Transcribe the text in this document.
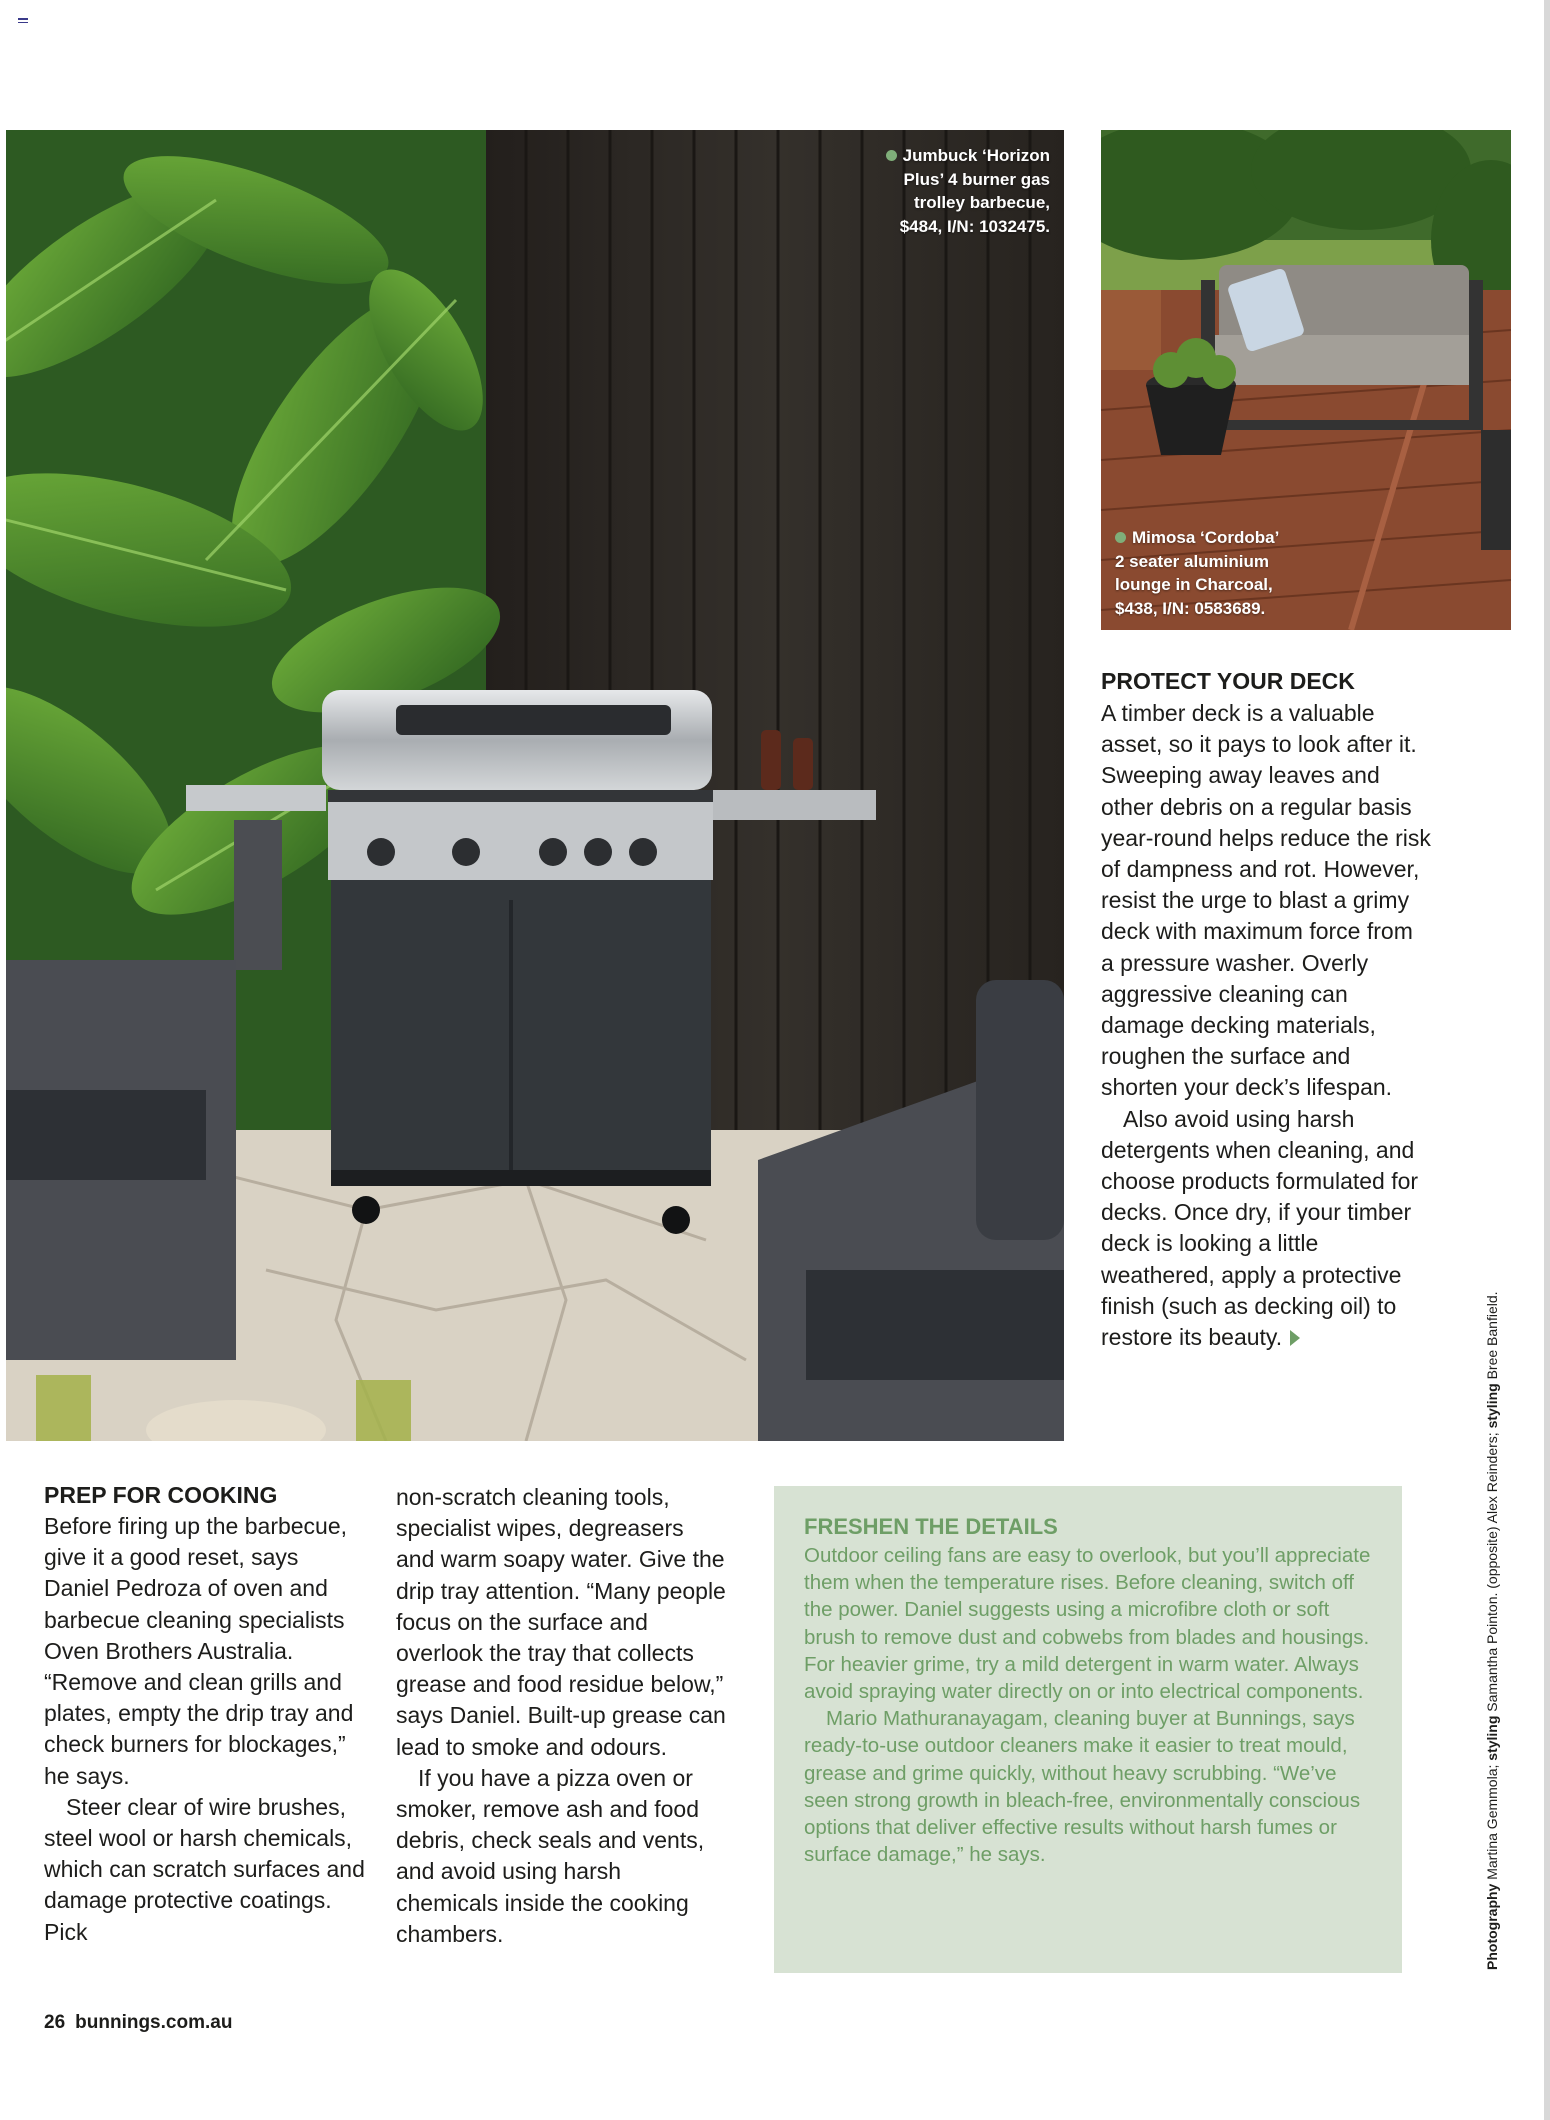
Jumbuck ‘Horizon
Plus’ 4 burner gas
trolley barbecue,
$484, I/N: 1032475.
Mimosa ‘Cordoba’
2 seater aluminium
lounge in Charcoal,
$438, I/N: 0583689.
PROTECT YOUR DECK

A timber deck is a valuable asset, so it pays to look after it. Sweeping away leaves and other debris on a regular basis year-round helps reduce the risk of dampness and rot. However, resist the urge to blast a grimy deck with maximum force from a pressure washer. Overly aggressive cleaning can damage decking materials, roughen the surface and shorten your deck’s lifespan.

Also avoid using harsh detergents when cleaning, and choose products formulated for decks. Once dry, if your timber deck is looking a little weathered, apply a protective finish (such as decking oil) to restore its beauty.

PREP FOR COOKING

Before firing up the barbecue, give it a good reset, says Daniel Pedroza of oven and barbecue cleaning specialists Oven Brothers Australia. “Remove and clean grills and plates, empty the drip tray and check burners for blockages,” he says.

Steer clear of wire brushes, steel wool or harsh chemicals, which can scratch surfaces and damage protective coatings. Pick

non-scratch cleaning tools, specialist wipes, degreasers and warm soapy water. Give the drip tray attention. “Many people focus on the surface and overlook the tray that collects grease and food residue below,” says Daniel. Built-up grease can lead to smoke and odours.

If you have a pizza oven or smoker, remove ash and food debris, check seals and vents, and avoid using harsh chemicals inside the cooking chambers.

FRESHEN THE DETAILS

Outdoor ceiling fans are easy to overlook, but you’ll appreciate them when the temperature rises. Before cleaning, switch off the power. Daniel suggests using a microfibre cloth or soft brush to remove dust and cobwebs from blades and housings. For heavier grime, try a mild detergent in warm water. Always avoid spraying water directly on or into electrical components.

Mario Mathuranayagam, cleaning buyer at Bunnings, says ready-to-use outdoor cleaners make it easier to treat mould, grease and grime quickly, without heavy scrubbing. “We’ve seen strong growth in bleach-free, environmentally conscious options that deliver effective results without harsh fumes or surface damage,” he says.

Photography Martina Gemmola; styling Samantha Pointon. (opposite) Alex Reinders; styling Bree Banfield.
26 bunnings.com.au
